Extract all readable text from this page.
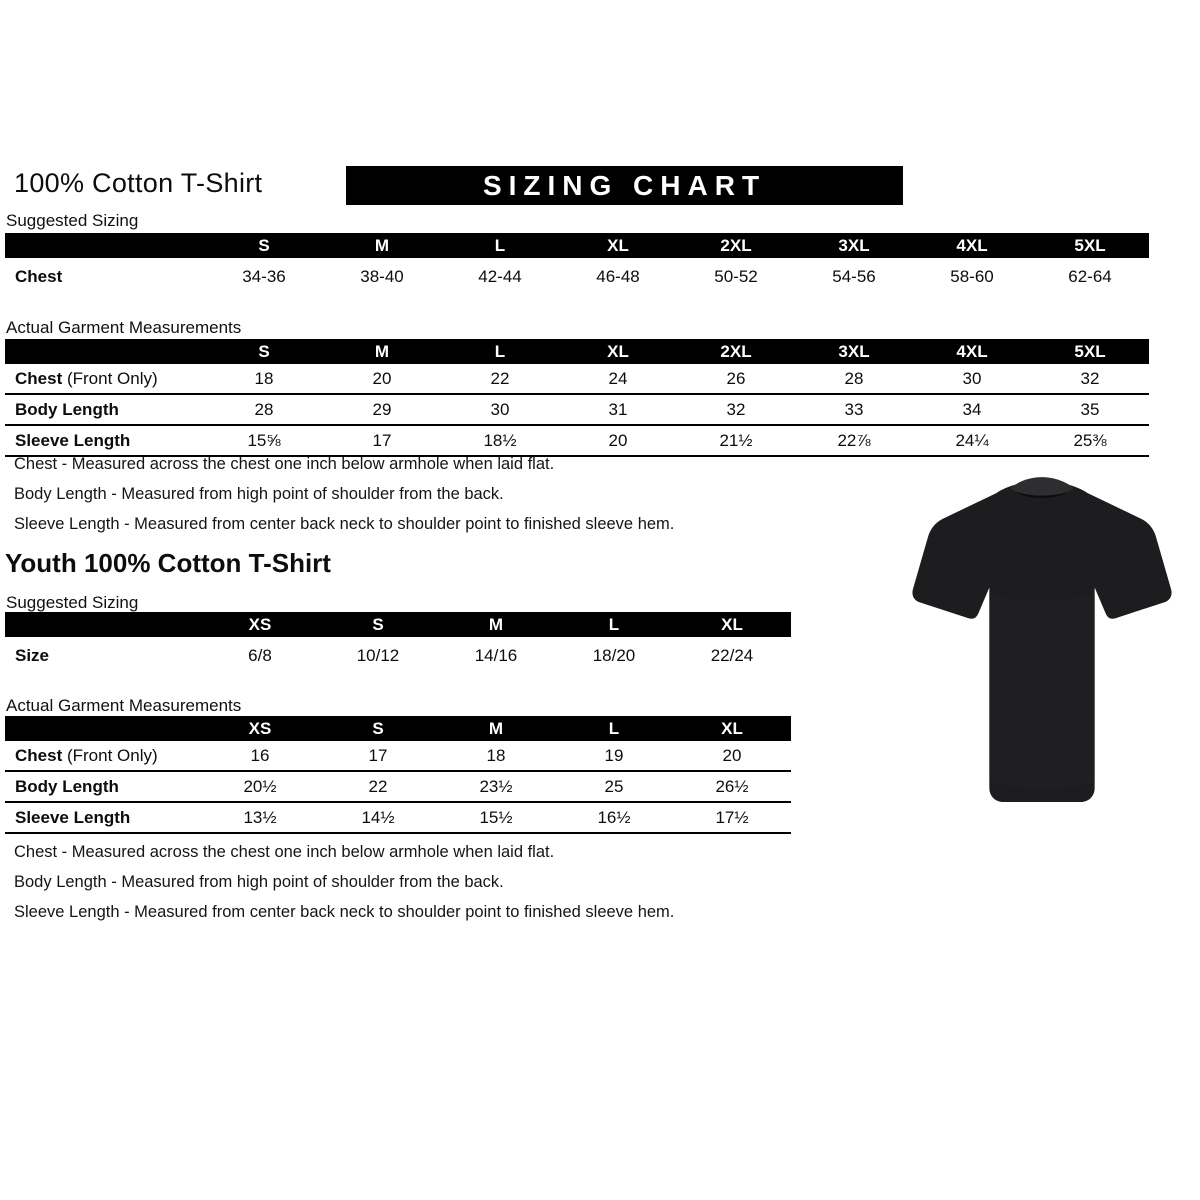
100% Cotton T-Shirt	SIZING CHART
Suggested Sizing
S	M	L	XL	2XL	3XL	4XL	5XL
Chest	34-36	38-40	42-44	46-48	50-52	54-56	58-60	62-64
Actual Garment Measurements
S	M	L	XL	2XL	3XL	4XL	5XL
Chest (Front Only)	18	20	22	24	26	28	30	32
Body Length	28	29	30	31	32	33	34	35
Sleeve Length	15⅝	17	18½	20	21½	22⅞	24¼	25⅜

Chest - Measured across the chest one inch below armhole when laid flat.

Body Length - Measured from high point of shoulder from the back.

Sleeve Length - Measured from center back neck to shoulder point to finished sleeve hem.

Youth 100% Cotton T-Shirt
Suggested Sizing
XS	S	M	L	XL
Size	6/8	10/12	14/16	18/20	22/24
Actual Garment Measurements
XS	S	M	L	XL
Chest (Front Only)	16	17	18	19	20
Body Length	20½	22	23½	25	26½
Sleeve Length	13½	14½	15½	16½	17½

Chest - Measured across the chest one inch below armhole when laid flat.

Body Length - Measured from high point of shoulder from the back.

Sleeve Length - Measured from center back neck to shoulder point to finished sleeve hem.
